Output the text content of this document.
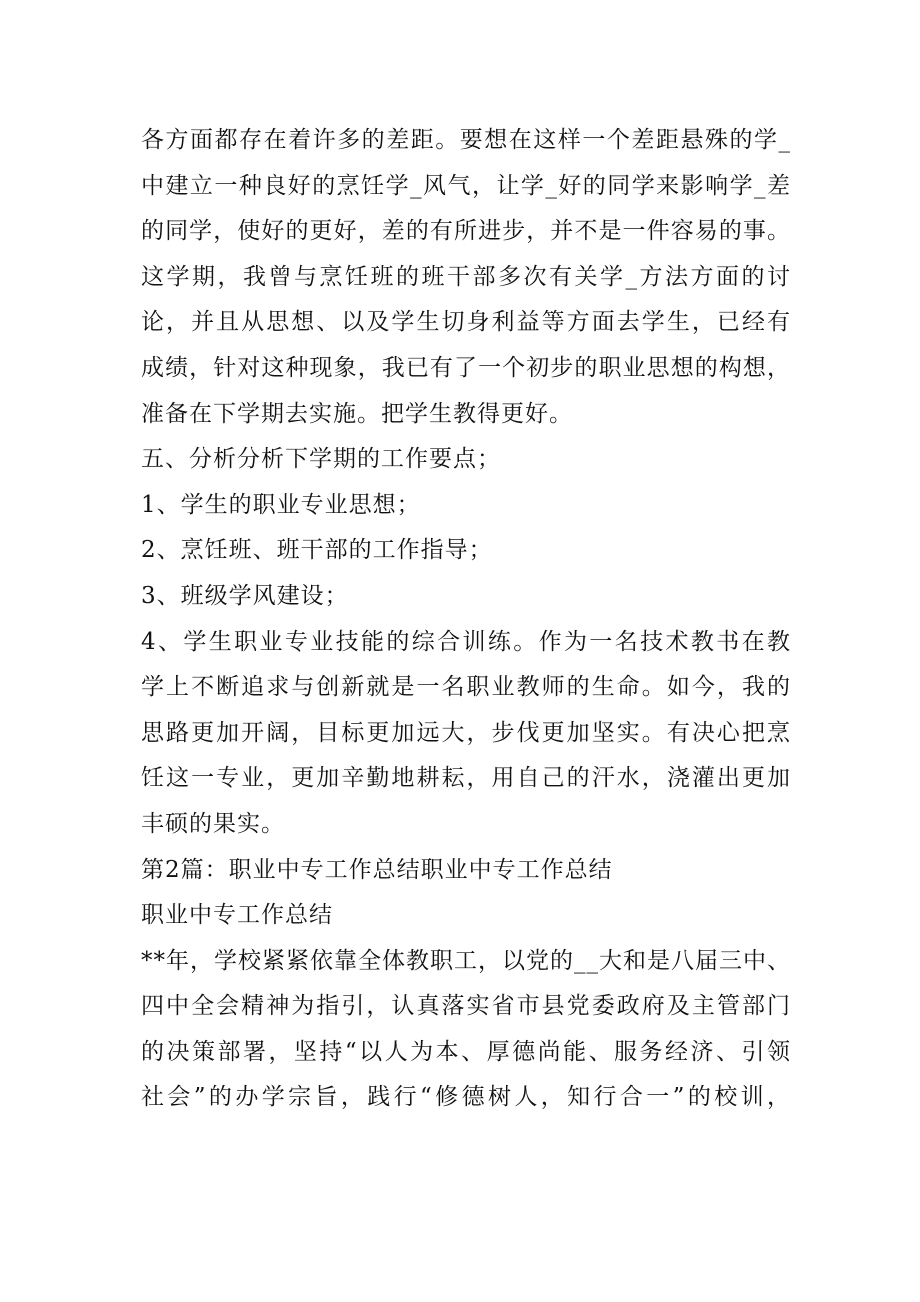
各方面都存在着许多的差距。要想在这样一个差距悬殊的学_
中建立一种良好的烹饪学_风气，让学_好的同学来影响学_差
的同学，使好的更好，差的有所进步，并不是一件容易的事。
这学期，我曾与烹饪班的班干部多次有关学_方法方面的讨
论，并且从思想、以及学生切身利益等方面去学生，已经有
成绩，针对这种现象，我已有了一个初步的职业思想的构想，
准备在下学期去实施。把学生教得更好。
五、分析分析下学期的工作要点；
1、学生的职业专业思想；
2、烹饪班、班干部的工作指导；
3、班级学风建设；
4、学生职业专业技能的综合训练。作为一名技术教书在教
学上不断追求与创新就是一名职业教师的生命。如今，我的
思路更加开阔，目标更加远大，步伐更加坚实。有决心把烹
饪这一专业，更加辛勤地耕耘，用自己的汗水，浇灌出更加
丰硕的果实。
第2篇：职业中专工作总结职业中专工作总结
职业中专工作总结
**年，学校紧紧依靠全体教职工，以党的__大和是八届三中、
四中全会精神为指引，认真落实省市县党委政府及主管部门
的决策部署，坚持“以人为本、厚德尚能、服务经济、引领
社会”的办学宗旨，践行“修德树人，知行合一”的校训，
